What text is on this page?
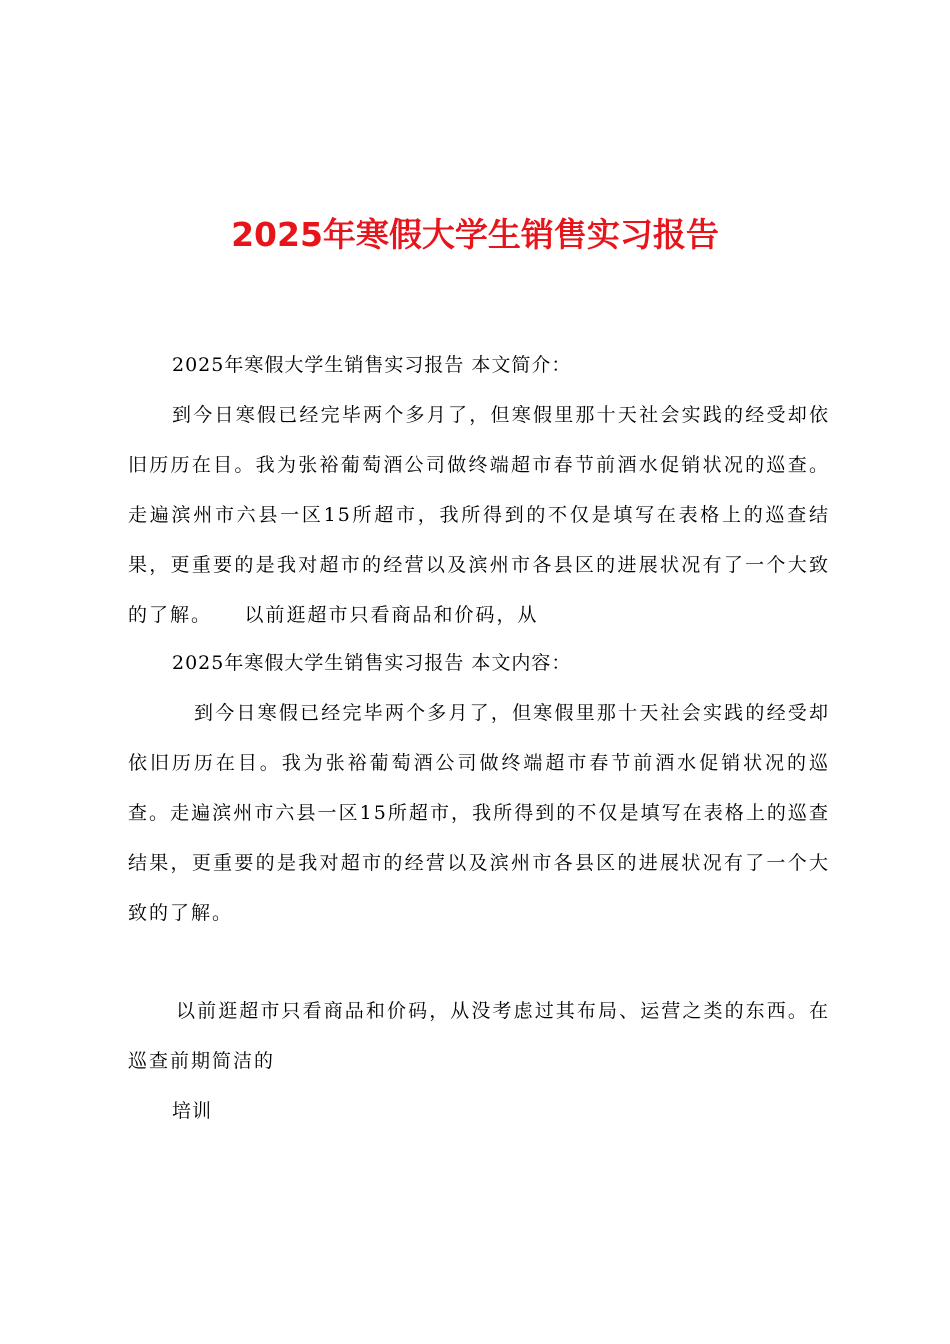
2025年寒假大学生销售实习报告

2025年寒假大学生销售实习报告 本文简介：

到今日寒假已经完毕两个多月了，但寒假里那十天社会实践的经受却依旧历历在目。我为张裕葡萄酒公司做终端超市春节前酒水促销状况的巡查。走遍滨州市六县一区15所超市，我所得到的不仅是填写在表格上的巡查结果，更重要的是我对超市的经营以及滨州市各县区的进展状况有了一个大致的了解。　　以前逛超市只看商品和价码，从

2025年寒假大学生销售实习报告 本文内容：

到今日寒假已经完毕两个多月了，但寒假里那十天社会实践的经受却依旧历历在目。我为张裕葡萄酒公司做终端超市春节前酒水促销状况的巡查。走遍滨州市六县一区15所超市，我所得到的不仅是填写在表格上的巡查结果，更重要的是我对超市的经营以及滨州市各县区的进展状况有了一个大致的了解。

以前逛超市只看商品和价码，从没考虑过其布局、运营之类的东西。在巡查前期简洁的

培训
